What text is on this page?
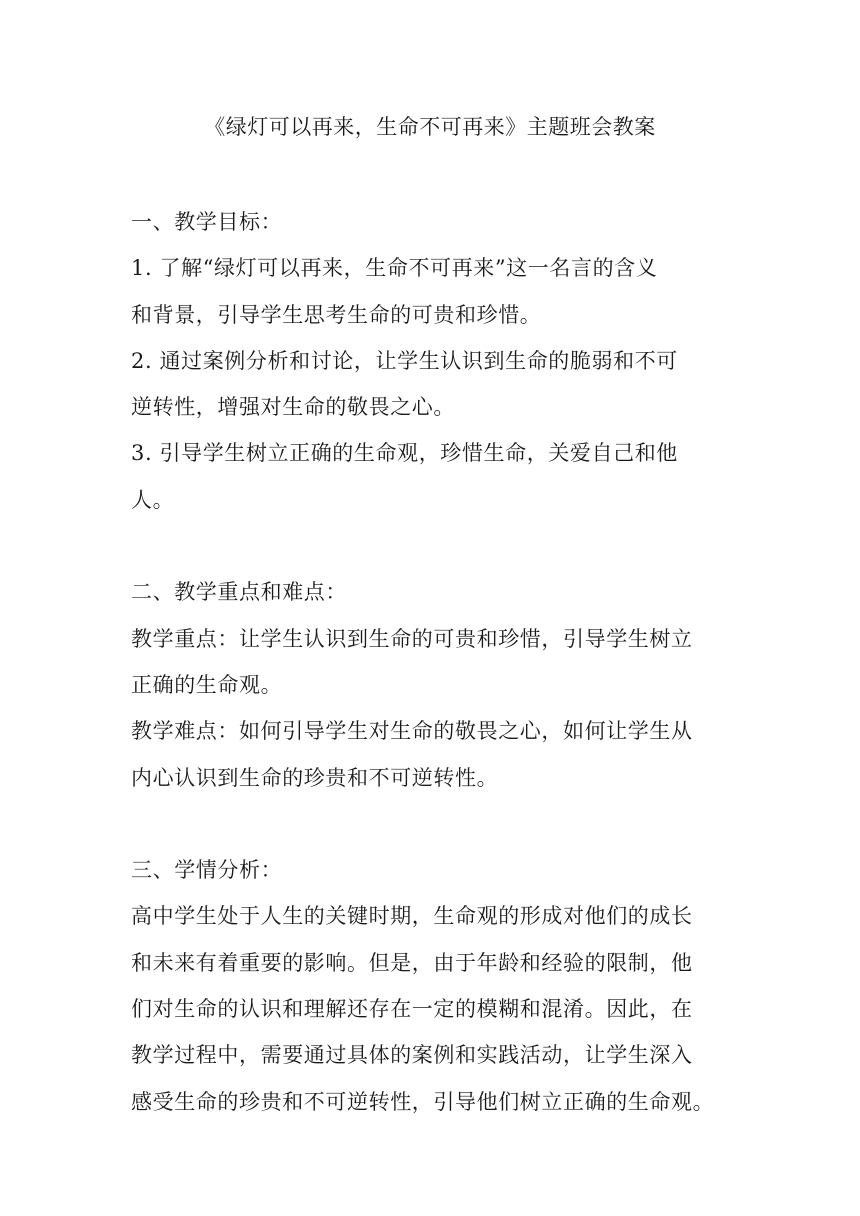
《绿灯可以再来，生命不可再来》主题班会教案
一、教学目标：
1. 了解“绿灯可以再来，生命不可再来”这一名言的含义
和背景，引导学生思考生命的可贵和珍惜。
2. 通过案例分析和讨论，让学生认识到生命的脆弱和不可
逆转性，增强对生命的敬畏之心。
3. 引导学生树立正确的生命观，珍惜生命，关爱自己和他
人。
二、教学重点和难点：
教学重点：让学生认识到生命的可贵和珍惜，引导学生树立
正确的生命观。
教学难点：如何引导学生对生命的敬畏之心，如何让学生从
内心认识到生命的珍贵和不可逆转性。
三、学情分析：
高中学生处于人生的关键时期，生命观的形成对他们的成长
和未来有着重要的影响。但是，由于年龄和经验的限制，他
们对生命的认识和理解还存在一定的模糊和混淆。因此，在
教学过程中，需要通过具体的案例和实践活动，让学生深入
感受生命的珍贵和不可逆转性，引导他们树立正确的生命观。
